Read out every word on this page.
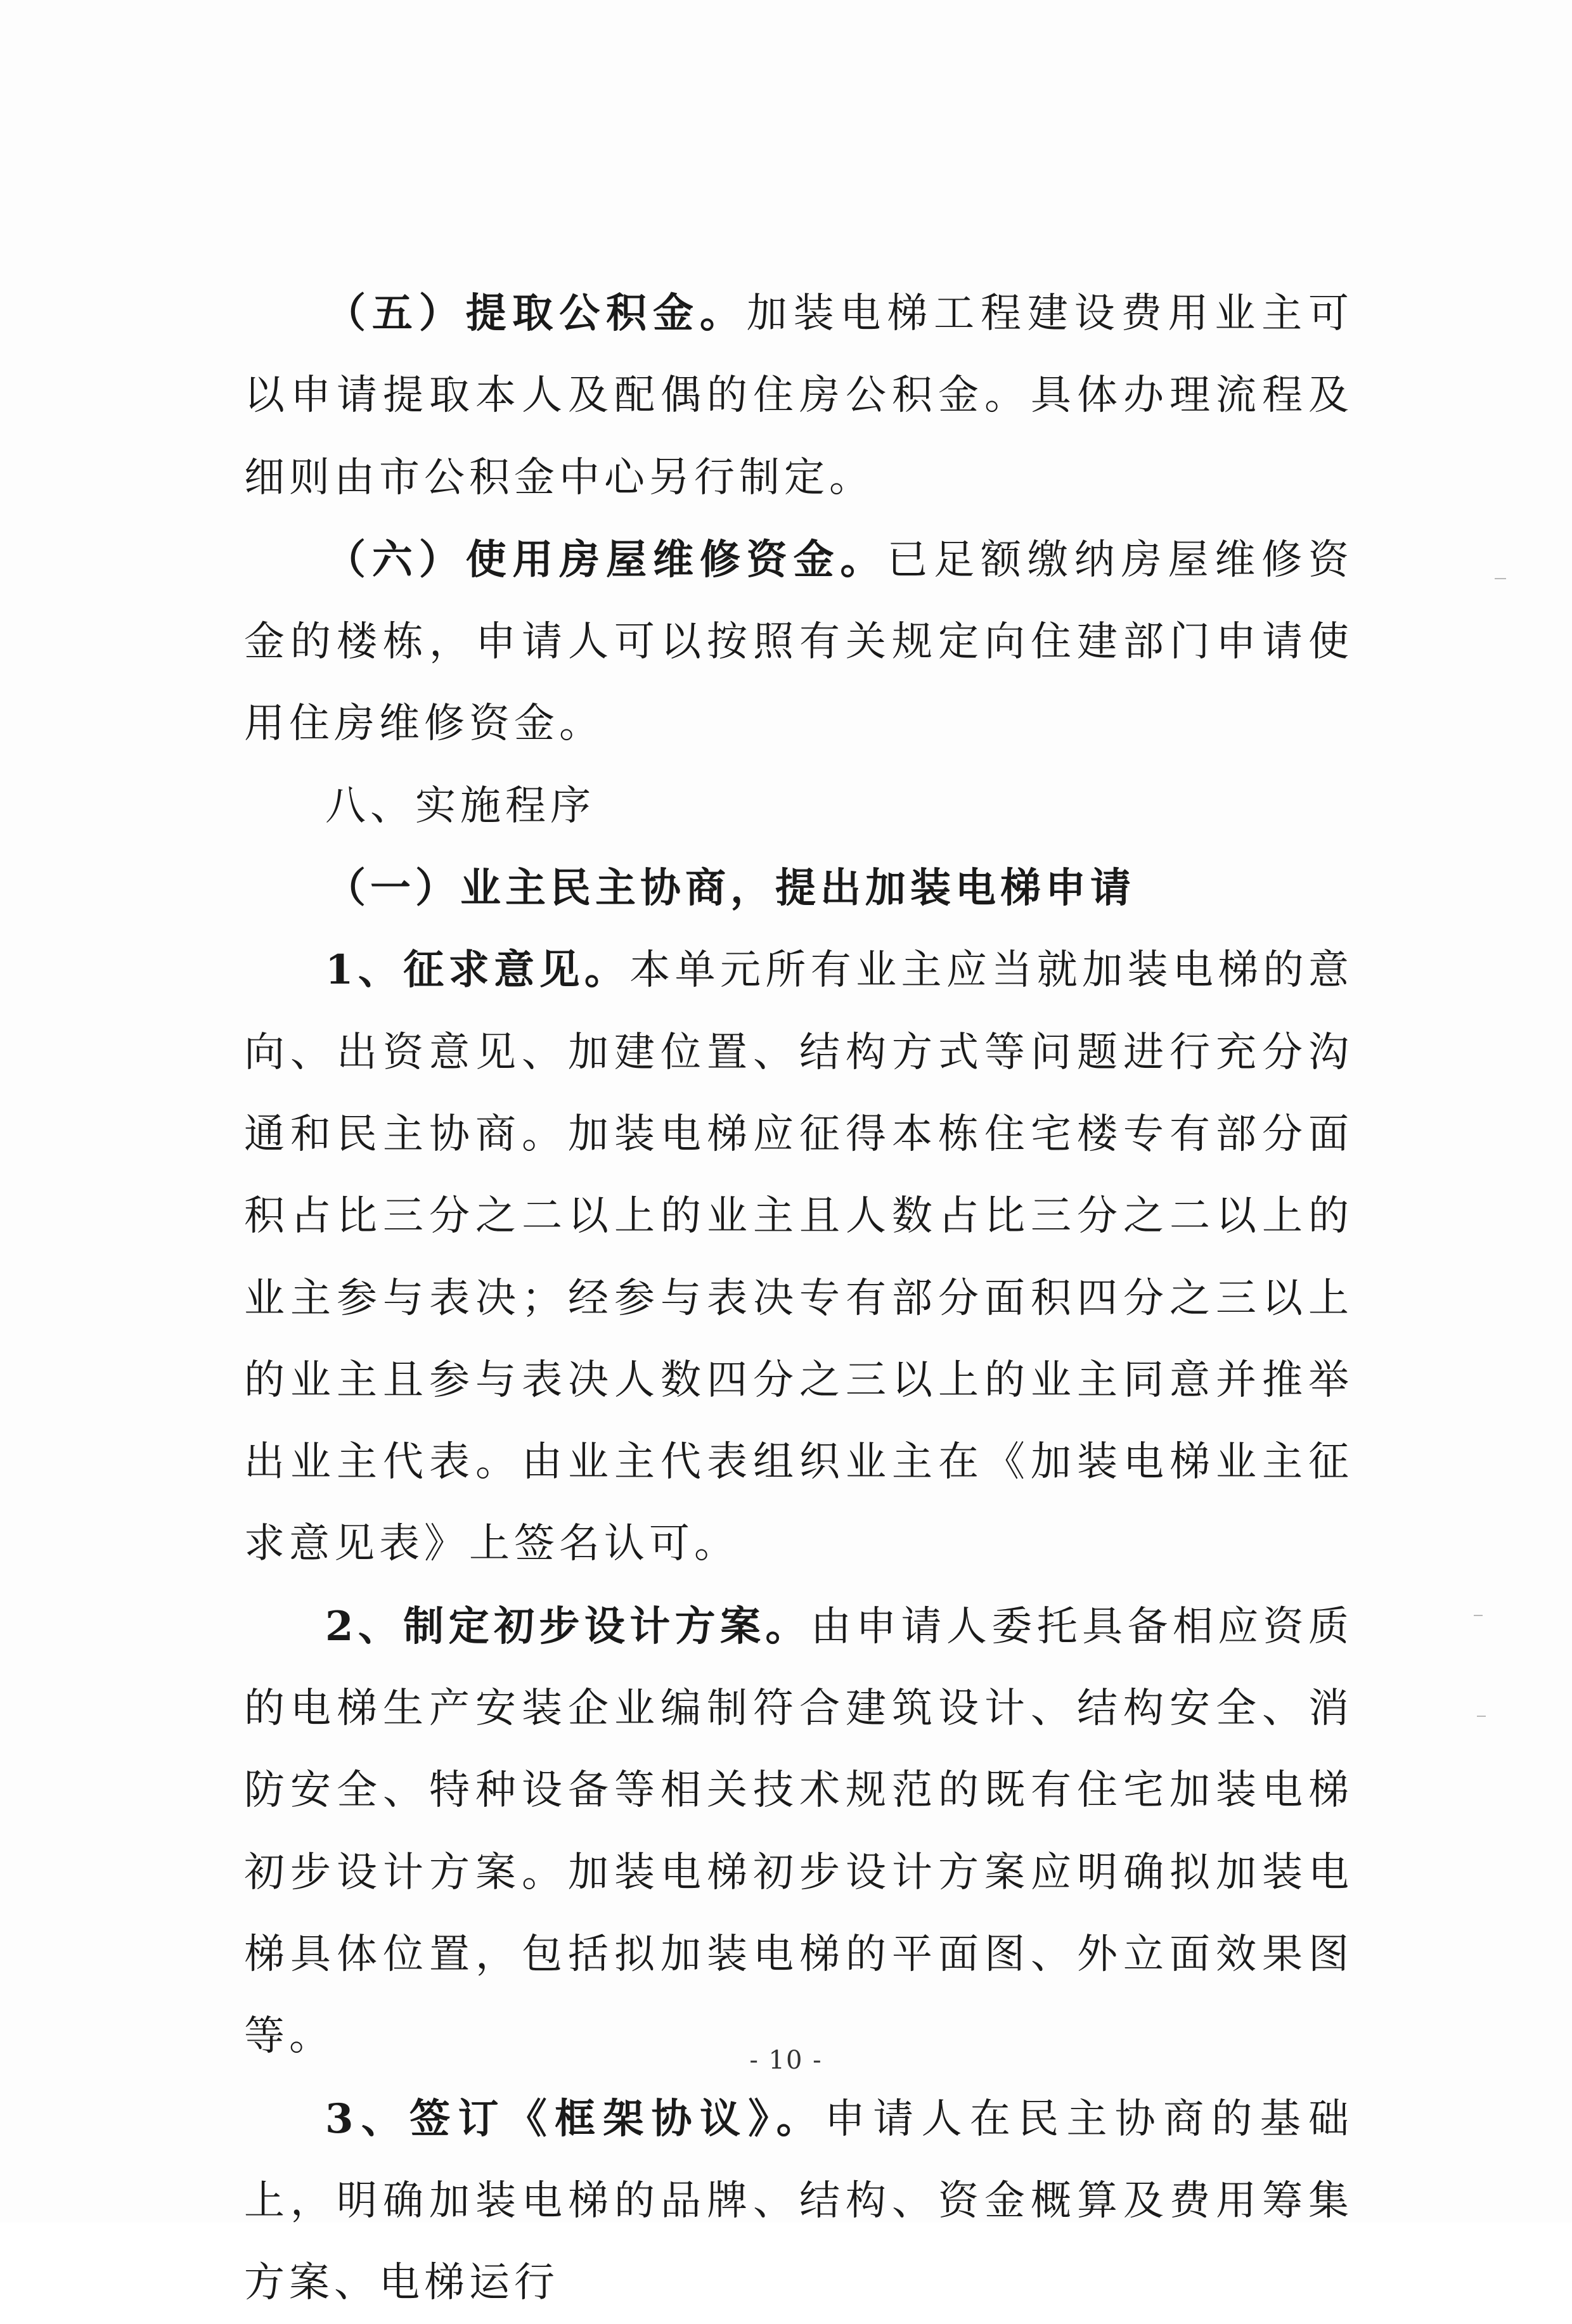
（五）提取公积金。加装电梯工程建设费用业主可以申请提取本人及配偶的住房公积金。具体办理流程及细则由市公积金中心另行制定。

（六）使用房屋维修资金。已足额缴纳房屋维修资金的楼栋，申请人可以按照有关规定向住建部门申请使用住房维修资金。

八、实施程序

（一）业主民主协商，提出加装电梯申请

1、征求意见。本单元所有业主应当就加装电梯的意向、出资意见、加建位置、结构方式等问题进行充分沟通和民主协商。加装电梯应征得本栋住宅楼专有部分面积占比三分之二以上的业主且人数占比三分之二以上的业主参与表决；经参与表决专有部分面积四分之三以上的业主且参与表决人数四分之三以上的业主同意并推举出业主代表。由业主代表组织业主在《加装电梯业主征求意见表》上签名认可。

2、制定初步设计方案。由申请人委托具备相应资质的电梯生产安装企业编制符合建筑设计、结构安全、消防安全、特种设备等相关技术规范的既有住宅加装电梯初步设计方案。加装电梯初步设计方案应明确拟加装电梯具体位置，包括拟加装电梯的平面图、外立面效果图等。

3、签订《框架协议》。申请人在民主协商的基础上，明确加装电梯的品牌、结构、资金概算及费用筹集方案、电梯运行

- 10 -
